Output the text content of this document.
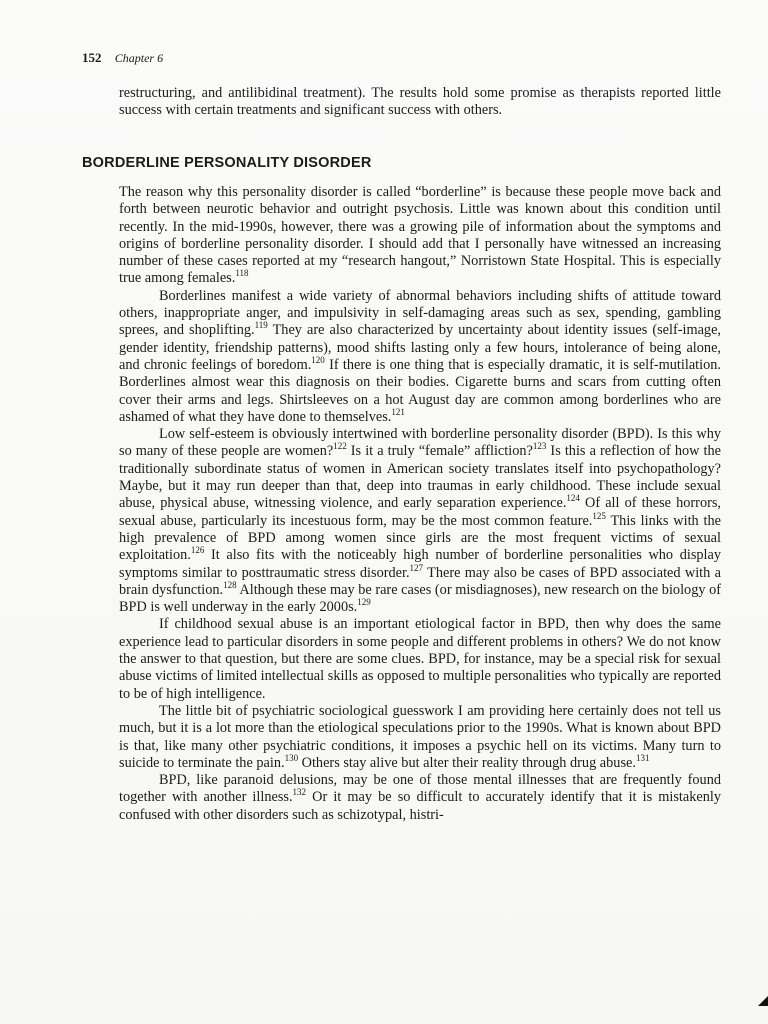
152 Chapter 6

restructuring, and antilibidinal treatment). The results hold some promise as therapists reported little success with certain treatments and significant success with others.

BORDERLINE PERSONALITY DISORDER

The reason why this personality disorder is called “borderline” is because these people move back and forth between neurotic behavior and outright psychosis. Little was known about this condition until recently. In the mid-1990s, however, there was a growing pile of information about the symptoms and origins of borderline personality disorder. I should add that I personally have witnessed an increasing number of these cases reported at my “research hangout,” Norristown State Hospital. This is especially true among females.$^{118}$

Borderlines manifest a wide variety of abnormal behaviors including shifts of attitude toward others, inappropriate anger, and impulsivity in self-damaging areas such as sex, spending, gambling sprees, and shoplifting.$^{119}$ They are also characterized by uncertainty about identity issues (self-image, gender identity, friendship patterns), mood shifts lasting only a few hours, intolerance of being alone, and chronic feelings of boredom.$^{120}$ If there is one thing that is especially dramatic, it is self-mutilation. Borderlines almost wear this diagnosis on their bodies. Cigarette burns and scars from cutting often cover their arms and legs. Shirtsleeves on a hot August day are common among borderlines who are ashamed of what they have done to themselves.$^{121}$

Low self-esteem is obviously intertwined with borderline personality disorder (BPD). Is this why so many of these people are women?$^{122}$ Is it a truly “female” affliction?$^{123}$ Is this a reflection of how the traditionally subordinate status of women in American society translates itself into psychopathology? Maybe, but it may run deeper than that, deep into traumas in early childhood. These include sexual abuse, physical abuse, witnessing violence, and early separation experience.$^{124}$ Of all of these horrors, sexual abuse, particularly its incestuous form, may be the most common feature.$^{125}$ This links with the high prevalence of BPD among women since girls are the most frequent victims of sexual exploitation.$^{126}$ It also fits with the noticeably high number of borderline personalities who display symptoms similar to posttraumatic stress disorder.$^{127}$ There may also be cases of BPD associated with a brain dysfunction.$^{128}$ Although these may be rare cases (or misdiagnoses), new research on the biology of BPD is well underway in the early 2000s.$^{129}$

If childhood sexual abuse is an important etiological factor in BPD, then why does the same experience lead to particular disorders in some people and different problems in others? We do not know the answer to that question, but there are some clues. BPD, for instance, may be a special risk for sexual abuse victims of limited intellectual skills as opposed to multiple personalities who typically are reported to be of high intelligence.

The little bit of psychiatric sociological guesswork I am providing here certainly does not tell us much, but it is a lot more than the etiological speculations prior to the 1990s. What is known about BPD is that, like many other psychiatric conditions, it imposes a psychic hell on its victims. Many turn to suicide to terminate the pain.$^{130}$ Others stay alive but alter their reality through drug abuse.$^{131}$

BPD, like paranoid delusions, may be one of those mental illnesses that are frequently found together with another illness.$^{132}$ Or it may be so difficult to accurately identify that it is mistakenly confused with other disorders such as schizotypal, histri-
